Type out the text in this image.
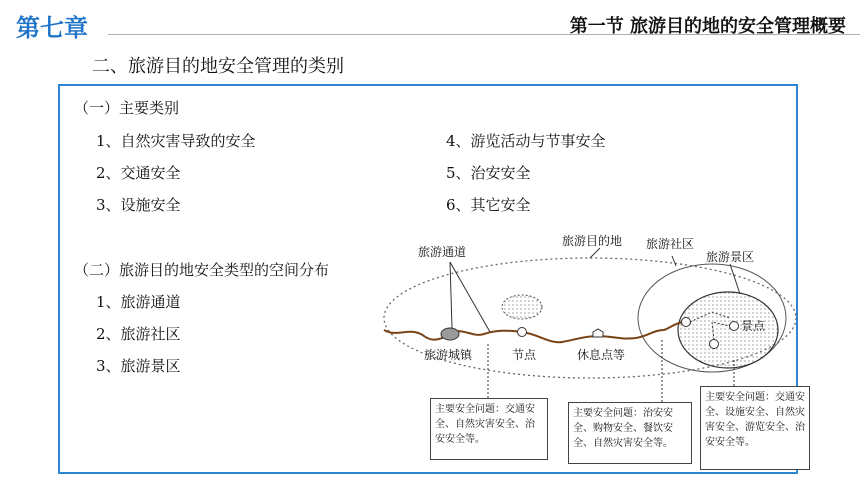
第七章	第一节 旅游目的地的安全管理概要
二、旅游目的地安全管理的类别
（一）主要类别
1、自然灾害导致的安全
2、交通安全
3、设施安全
4、游览活动与节事安全
5、治安安全
6、其它安全
（二）旅游目的地安全类型的空间分布
1、旅游通道
2、旅游社区
3、旅游景区
旅游通道
旅游目的地 旅游社区
旅游景区
旅游城镇	节点	休息点等
景点
主要安全问题：交通安全、自然灾害安全、治安安全等。
主要安全问题：治安安全、购物安全、餐饮安全、自然灾害安全等。
主要安全问题：交通安全、设施安全、自然灾害安全、游览安全、治安安全等。
